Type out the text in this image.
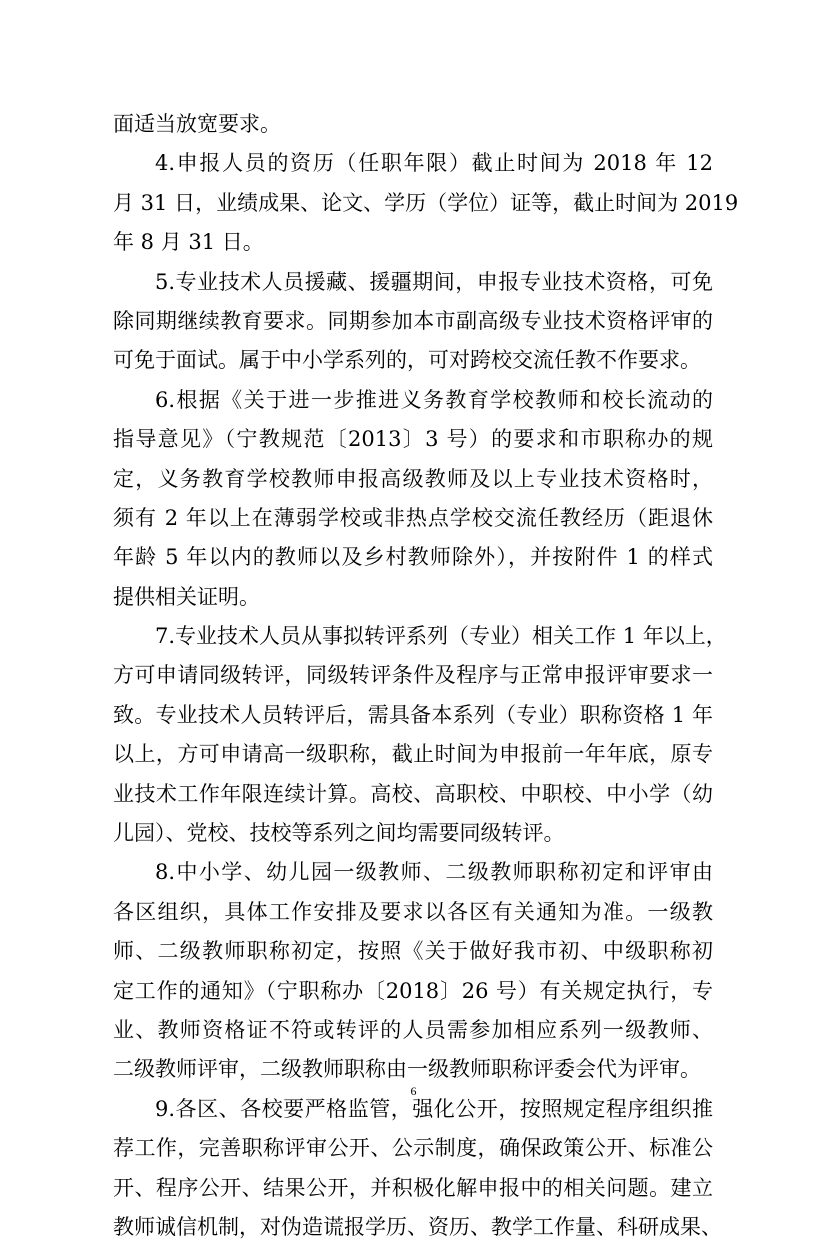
面适当放宽要求。
4.申报人员的资历（任职年限）截止时间为 2018 年 12
月 31 日，业绩成果、论文、学历（学位）证等，截止时间为 2019
年 8 月 31 日。
5.专业技术人员援藏、援疆期间，申报专业技术资格，可免
除同期继续教育要求。同期参加本市副高级专业技术资格评审的
可免于面试。属于中小学系列的，可对跨校交流任教不作要求。
6.根据《关于进一步推进义务教育学校教师和校长流动的
指导意见》（宁教规范〔2013〕3 号）的要求和市职称办的规
定，义务教育学校教师申报高级教师及以上专业技术资格时，
须有 2 年以上在薄弱学校或非热点学校交流任教经历（距退休
年龄 5 年以内的教师以及乡村教师除外），并按附件 1 的样式
提供相关证明。
7.专业技术人员从事拟转评系列（专业）相关工作 1 年以上，
方可申请同级转评，同级转评条件及程序与正常申报评审要求一
致。专业技术人员转评后，需具备本系列（专业）职称资格 1 年
以上，方可申请高一级职称，截止时间为申报前一年年底，原专
业技术工作年限连续计算。高校、高职校、中职校、中小学（幼
儿园）、党校、技校等系列之间均需要同级转评。
8.中小学、幼儿园一级教师、二级教师职称初定和评审由
各区组织，具体工作安排及要求以各区有关通知为准。一级教
师、二级教师职称初定，按照《关于做好我市初、中级职称初
定工作的通知》（宁职称办〔2018〕26 号）有关规定执行，专
业、教师资格证不符或转评的人员需参加相应系列一级教师、
二级教师评审，二级教师职称由一级教师职称评委会代为评审。
9.各区、各校要严格监管，强化公开，按照规定程序组织推
荐工作，完善职称评审公开、公示制度，确保政策公开、标准公
开、程序公开、结果公开，并积极化解申报中的相关问题。建立
教师诚信机制，对伪造谎报学历、资历、教学工作量、科研成果、
6
